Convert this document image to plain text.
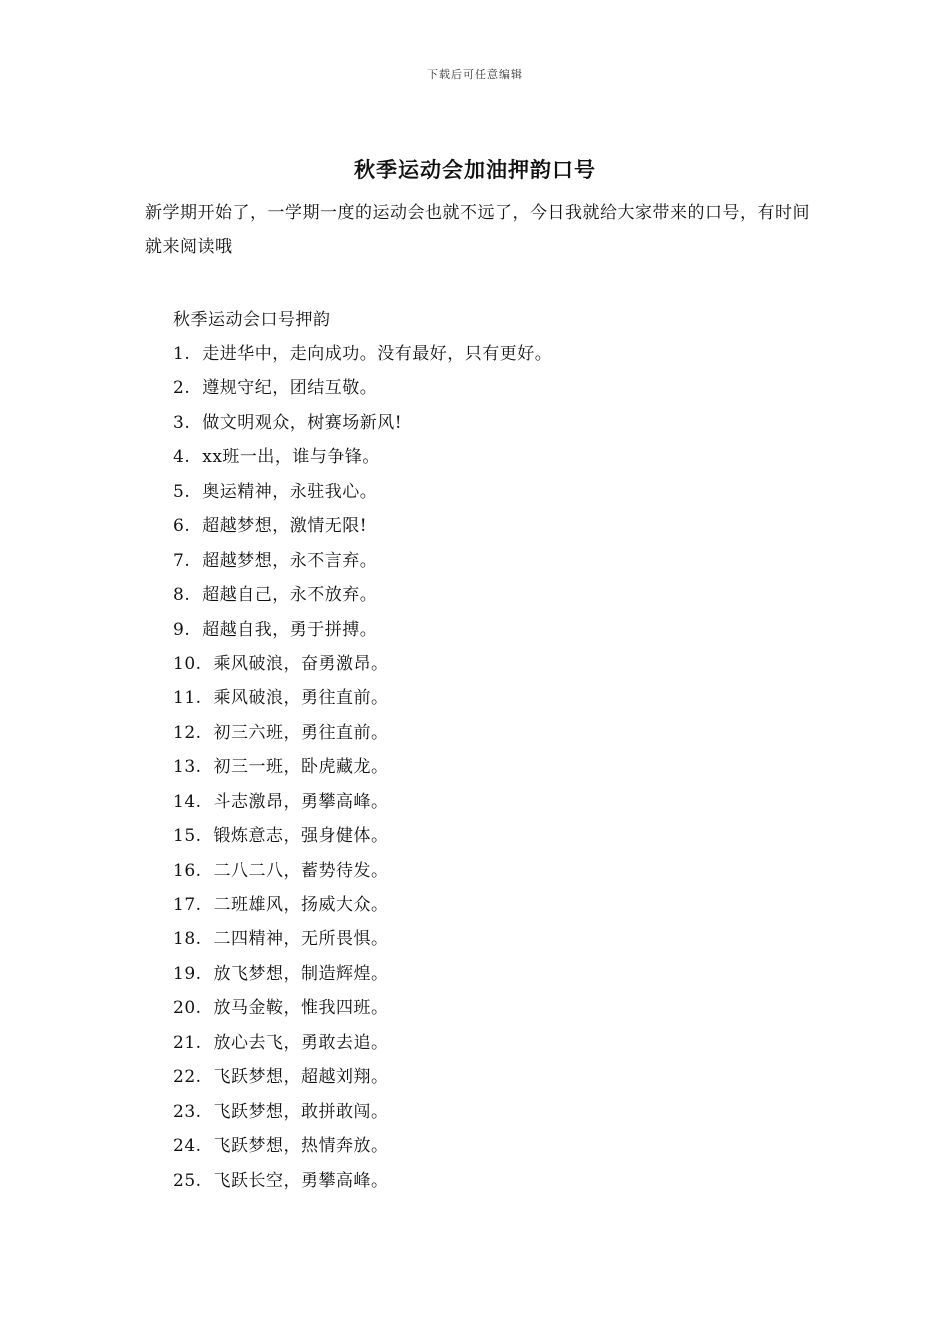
下载后可任意编辑
秋季运动会加油押韵口号
新学期开始了，一学期一度的运动会也就不远了，今日我就给大家带来的口号，有时间就来阅读哦
秋季运动会口号押韵
1. 走进华中，走向成功。没有最好，只有更好。
2. 遵规守纪，团结互敬。
3. 做文明观众，树赛场新风!
4. xx班一出，谁与争锋。
5. 奥运精神，永驻我心。
6. 超越梦想，激情无限!
7. 超越梦想，永不言弃。
8. 超越自己，永不放弃。
9. 超越自我，勇于拼搏。
10. 乘风破浪，奋勇激昂。
11. 乘风破浪，勇往直前。
12. 初三六班，勇往直前。
13. 初三一班，卧虎藏龙。
14. 斗志激昂，勇攀高峰。
15. 锻炼意志，强身健体。
16. 二八二八，蓄势待发。
17. 二班雄风，扬威大众。
18. 二四精神，无所畏惧。
19. 放飞梦想，制造辉煌。
20. 放马金鞍，惟我四班。
21. 放心去飞，勇敢去追。
22. 飞跃梦想，超越刘翔。
23. 飞跃梦想，敢拼敢闯。
24. 飞跃梦想，热情奔放。
25. 飞跃长空，勇攀高峰。
